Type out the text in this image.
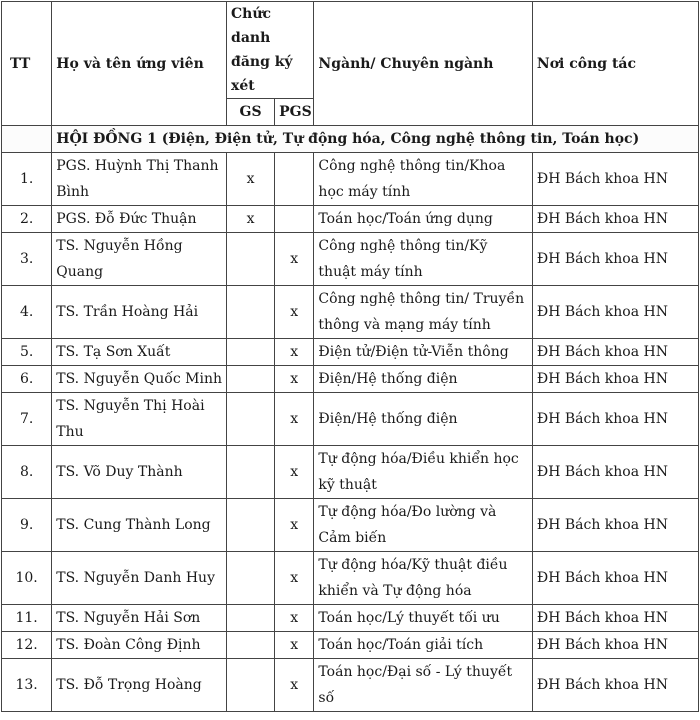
TT	Họ và tên ứng viên	Chức danh đăng ký xét		Ngành/ Chuyên ngành	Nơi công tác
		GS	PGS		
	HỘI ĐỒNG 1 (Điện, Điện tử, Tự động hóa, Công nghệ thông tin, Toán học)				
1.	PGS. Huỳnh Thị Thanh Bình	x		Công nghệ thông tin/Khoa học máy tính	ĐH Bách khoa HN
2.	PGS. Đỗ Đức Thuận	x		Toán học/Toán ứng dụng	ĐH Bách khoa HN
3.	TS. Nguyễn Hồng Quang		x	Công nghệ thông tin/Kỹ thuật máy tính	ĐH Bách khoa HN
4.	TS. Trần Hoàng Hải		x	Công nghệ thông tin/ Truyền thông và mạng máy tính	ĐH Bách khoa HN
5.	TS. Tạ Sơn Xuất		x	Điện tử/Điện tử-Viễn thông	ĐH Bách khoa HN
6.	TS. Nguyễn Quốc Minh		x	Điện/Hệ thống điện	ĐH Bách khoa HN
7.	TS. Nguyễn Thị Hoài Thu		x	Điện/Hệ thống điện	ĐH Bách khoa HN
8.	TS. Võ Duy Thành		x	Tự động hóa/Điều khiển học kỹ thuật	ĐH Bách khoa HN
9.	TS. Cung Thành Long		x	Tự động hóa/Đo lường và Cảm biến	ĐH Bách khoa HN
10.	TS. Nguyễn Danh Huy		x	Tự động hóa/Kỹ thuật điều khiển và Tự động hóa	ĐH Bách khoa HN
11.	TS. Nguyễn Hải Sơn		x	Toán học/Lý thuyết tối ưu	ĐH Bách khoa HN
12.	TS. Đoàn Công Định		x	Toán học/Toán giải tích	ĐH Bách khoa HN
13.	TS. Đỗ Trọng Hoàng		x	Toán học/Đại số - Lý thuyết số	ĐH Bách khoa HN
